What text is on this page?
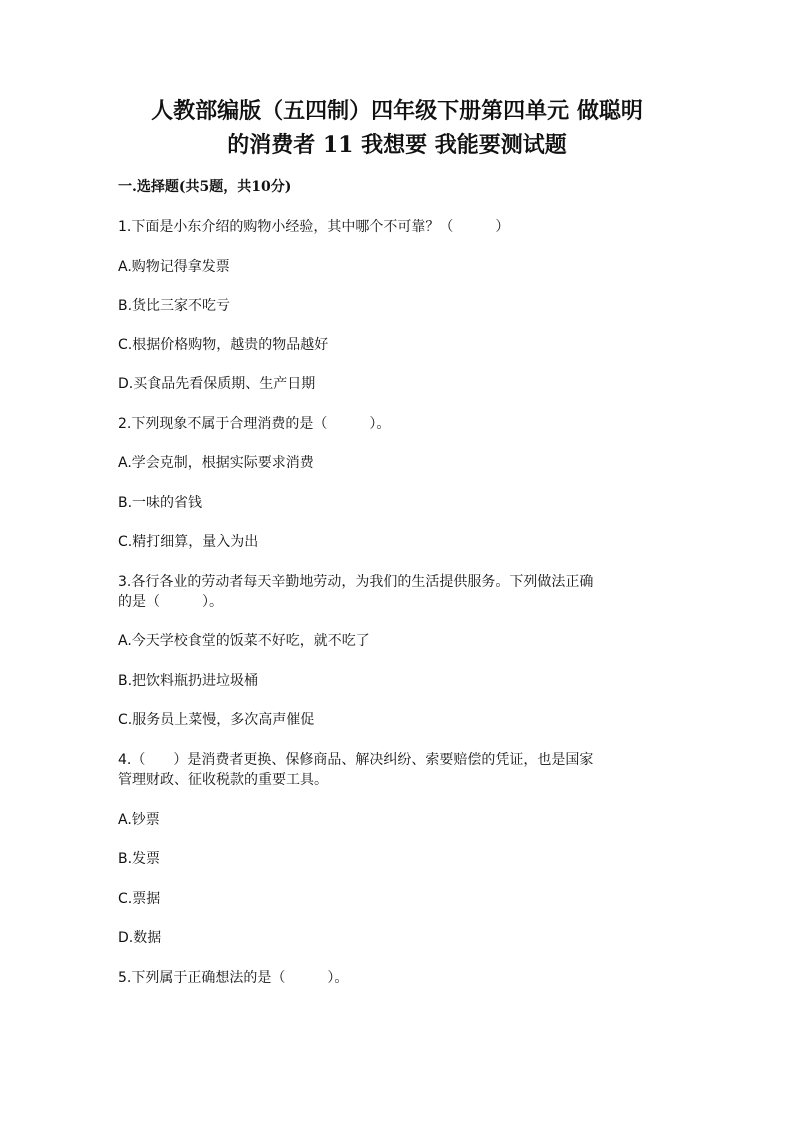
人教部编版（五四制）四年级下册第四单元 做聪明
的消费者 11 我想要 我能要测试题
一.选择题(共5题，共10分)
1.下面是小东介绍的购物小经验，其中哪个不可靠？（　　　）
A.购物记得拿发票
B.货比三家不吃亏
C.根据价格购物，越贵的物品越好
D.买食品先看保质期、生产日期
2.下列现象不属于合理消费的是（　　　）。
A.学会克制，根据实际要求消费
B.一味的省钱
C.精打细算，量入为出
3.各行各业的劳动者每天辛勤地劳动，为我们的生活提供服务。下列做法正确
的是（　　　）。
A.今天学校食堂的饭菜不好吃，就不吃了
B.把饮料瓶扔进垃圾桶
C.服务员上菜慢，多次高声催促
4.（　　）是消费者更换、保修商品、解决纠纷、索要赔偿的凭证，也是国家
管理财政、征收税款的重要工具。
A.钞票
B.发票
C.票据
D.数据
5.下列属于正确想法的是（　　　）。
